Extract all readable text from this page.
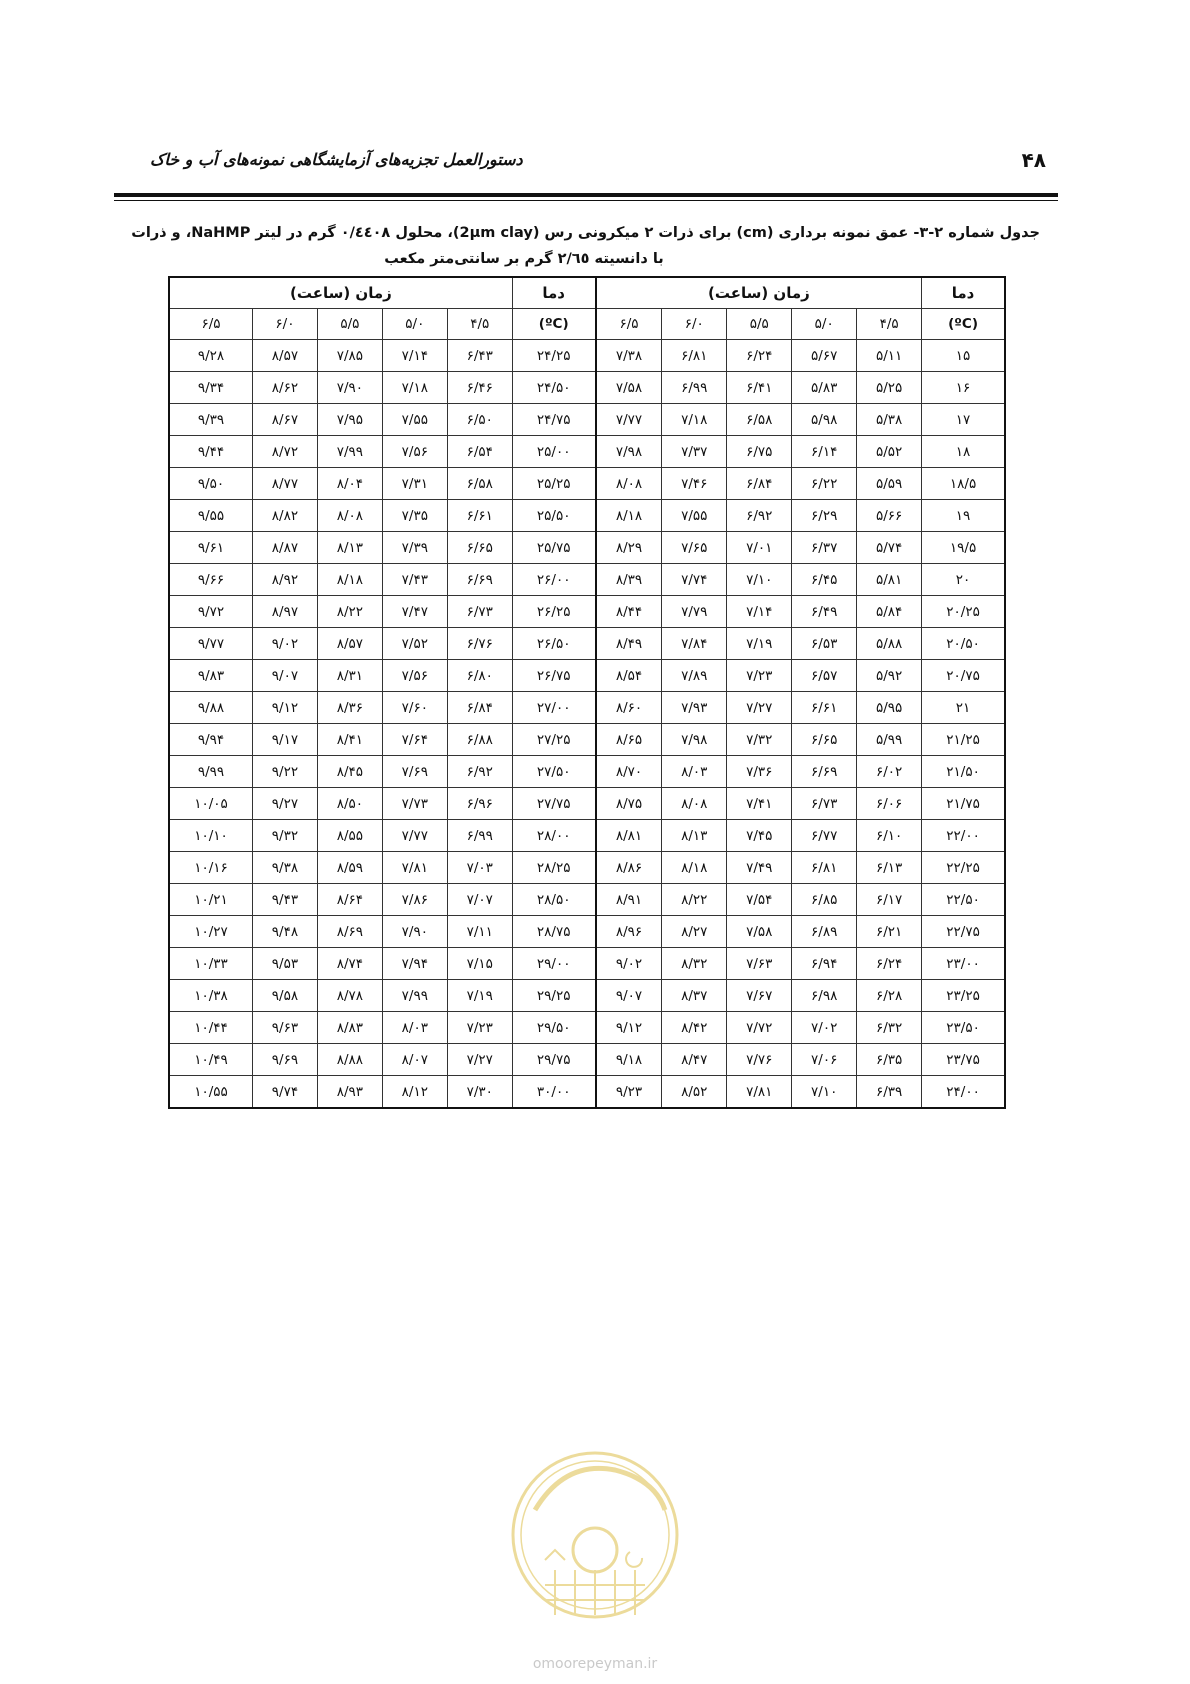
۴۸
دستورالعمل تجزیه‌های آزمایشگاهی نمونه‌های آب و خاک
جدول شماره ۲-۳- عمق نمونه برداری (cm) برای ذرات ۲ میکرونی رس (2µm clay)، محلول ۰/٤٤٠٨ گرم در لیتر NaHMP، و ذرات
با دانسیته ۲/٦٥ گرم بر سانتی‌متر مکعب
دما	زمان (ساعت)					دما	زمان (ساعت)				
(ºC)	۴/۵	۵/۰	۵/۵	۶/۰	۶/۵	(ºC)	۴/۵	۵/۰	۵/۵	۶/۰	۶/۵
۱۵	۵/۱۱	۵/۶۷	۶/۲۴	۶/۸۱	۷/۳۸	۲۴/۲۵	۶/۴۳	۷/۱۴	۷/۸۵	۸/۵۷	۹/۲۸
۱۶	۵/۲۵	۵/۸۳	۶/۴۱	۶/۹۹	۷/۵۸	۲۴/۵۰	۶/۴۶	۷/۱۸	۷/۹۰	۸/۶۲	۹/۳۴
۱۷	۵/۳۸	۵/۹۸	۶/۵۸	۷/۱۸	۷/۷۷	۲۴/۷۵	۶/۵۰	۷/۵۵	۷/۹۵	۸/۶۷	۹/۳۹
۱۸	۵/۵۲	۶/۱۴	۶/۷۵	۷/۳۷	۷/۹۸	۲۵/۰۰	۶/۵۴	۷/۵۶	۷/۹۹	۸/۷۲	۹/۴۴
۱۸/۵	۵/۵۹	۶/۲۲	۶/۸۴	۷/۴۶	۸/۰۸	۲۵/۲۵	۶/۵۸	۷/۳۱	۸/۰۴	۸/۷۷	۹/۵۰
۱۹	۵/۶۶	۶/۲۹	۶/۹۲	۷/۵۵	۸/۱۸	۲۵/۵۰	۶/۶۱	۷/۳۵	۸/۰۸	۸/۸۲	۹/۵۵
۱۹/۵	۵/۷۴	۶/۳۷	۷/۰۱	۷/۶۵	۸/۲۹	۲۵/۷۵	۶/۶۵	۷/۳۹	۸/۱۳	۸/۸۷	۹/۶۱
۲۰	۵/۸۱	۶/۴۵	۷/۱۰	۷/۷۴	۸/۳۹	۲۶/۰۰	۶/۶۹	۷/۴۳	۸/۱۸	۸/۹۲	۹/۶۶
۲۰/۲۵	۵/۸۴	۶/۴۹	۷/۱۴	۷/۷۹	۸/۴۴	۲۶/۲۵	۶/۷۳	۷/۴۷	۸/۲۲	۸/۹۷	۹/۷۲
۲۰/۵۰	۵/۸۸	۶/۵۳	۷/۱۹	۷/۸۴	۸/۴۹	۲۶/۵۰	۶/۷۶	۷/۵۲	۸/۵۷	۹/۰۲	۹/۷۷
۲۰/۷۵	۵/۹۲	۶/۵۷	۷/۲۳	۷/۸۹	۸/۵۴	۲۶/۷۵	۶/۸۰	۷/۵۶	۸/۳۱	۹/۰۷	۹/۸۳
۲۱	۵/۹۵	۶/۶۱	۷/۲۷	۷/۹۳	۸/۶۰	۲۷/۰۰	۶/۸۴	۷/۶۰	۸/۳۶	۹/۱۲	۹/۸۸
۲۱/۲۵	۵/۹۹	۶/۶۵	۷/۳۲	۷/۹۸	۸/۶۵	۲۷/۲۵	۶/۸۸	۷/۶۴	۸/۴۱	۹/۱۷	۹/۹۴
۲۱/۵۰	۶/۰۲	۶/۶۹	۷/۳۶	۸/۰۳	۸/۷۰	۲۷/۵۰	۶/۹۲	۷/۶۹	۸/۴۵	۹/۲۲	۹/۹۹
۲۱/۷۵	۶/۰۶	۶/۷۳	۷/۴۱	۸/۰۸	۸/۷۵	۲۷/۷۵	۶/۹۶	۷/۷۳	۸/۵۰	۹/۲۷	۱۰/۰۵
۲۲/۰۰	۶/۱۰	۶/۷۷	۷/۴۵	۸/۱۳	۸/۸۱	۲۸/۰۰	۶/۹۹	۷/۷۷	۸/۵۵	۹/۳۲	۱۰/۱۰
۲۲/۲۵	۶/۱۳	۶/۸۱	۷/۴۹	۸/۱۸	۸/۸۶	۲۸/۲۵	۷/۰۳	۷/۸۱	۸/۵۹	۹/۳۸	۱۰/۱۶
۲۲/۵۰	۶/۱۷	۶/۸۵	۷/۵۴	۸/۲۲	۸/۹۱	۲۸/۵۰	۷/۰۷	۷/۸۶	۸/۶۴	۹/۴۳	۱۰/۲۱
۲۲/۷۵	۶/۲۱	۶/۸۹	۷/۵۸	۸/۲۷	۸/۹۶	۲۸/۷۵	۷/۱۱	۷/۹۰	۸/۶۹	۹/۴۸	۱۰/۲۷
۲۳/۰۰	۶/۲۴	۶/۹۴	۷/۶۳	۸/۳۲	۹/۰۲	۲۹/۰۰	۷/۱۵	۷/۹۴	۸/۷۴	۹/۵۳	۱۰/۳۳
۲۳/۲۵	۶/۲۸	۶/۹۸	۷/۶۷	۸/۳۷	۹/۰۷	۲۹/۲۵	۷/۱۹	۷/۹۹	۸/۷۸	۹/۵۸	۱۰/۳۸
۲۳/۵۰	۶/۳۲	۷/۰۲	۷/۷۲	۸/۴۲	۹/۱۲	۲۹/۵۰	۷/۲۳	۸/۰۳	۸/۸۳	۹/۶۳	۱۰/۴۴
۲۳/۷۵	۶/۳۵	۷/۰۶	۷/۷۶	۸/۴۷	۹/۱۸	۲۹/۷۵	۷/۲۷	۸/۰۷	۸/۸۸	۹/۶۹	۱۰/۴۹
۲۴/۰۰	۶/۳۹	۷/۱۰	۷/۸۱	۸/۵۲	۹/۲۳	۳۰/۰۰	۷/۳۰	۸/۱۲	۸/۹۳	۹/۷۴	۱۰/۵۵
omoorepeyman.ir
